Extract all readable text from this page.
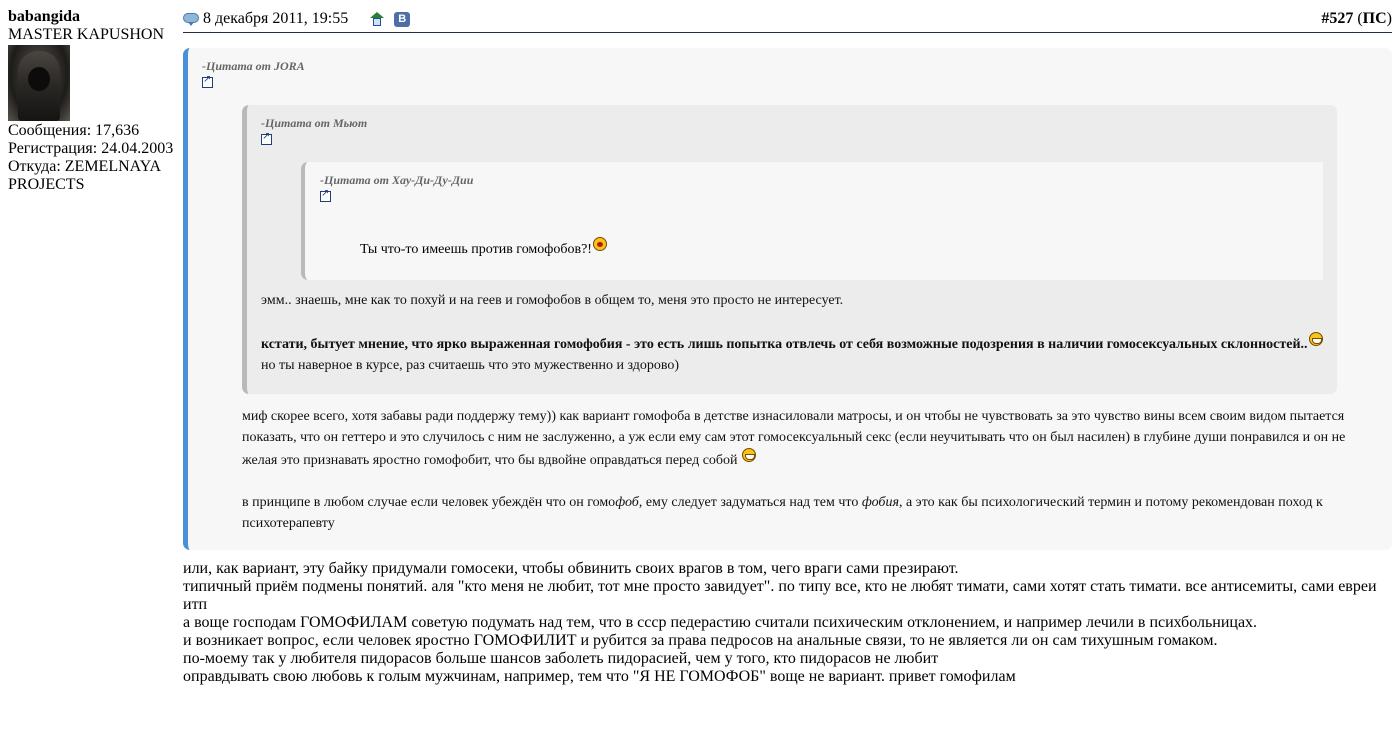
babangida
MASTER KAPUSHON
Сообщения: 17,636
Регистрация: 24.04.2003
Откуда: ZEMELNAYA PROJECTS
8 декабря 2011, 19:55	В	#527 (ПС)
-Цитата от JORA
↗
-Цитата от Мьют
↗
-Цитата от Хау-Ди-Ду-Дии
↗
Ты что-то имеешь против гомофобов?!

эмм.. знаешь, мне как то похуй и на геев и гомофобов в общем то, меня это просто не интересует.

кстати, бытует мнение, что ярко выраженная гомофобия - это есть лишь попытка отвлечь от себя возможные подозрения в наличии гомосексуальных склонностей..

но ты наверное в курсе, раз считаешь что это мужественно и здорово)

миф скорее всего, хотя забавы ради поддержу тему)) как вариант гомофоба в детстве изнасиловали матросы, и он чтобы не чувствовать за это чувство вины всем своим видом пытается показать, что он геттеро и это случилось с ним не заслуженно, а уж если ему сам этот гомосексуальный секс (если неучитывать что он был насилен) в глубине души понравился и он не желая это признавать яростно гомофобит, что бы вдвойне оправдаться перед собой

в принципе в любом случае если человек убеждён что он гомофоб, ему следует задуматься над тем что фобия, а это как бы психологический термин и потому рекомендован поход к психотерапевту

или, как вариант, эту байку придумали гомосеки, чтобы обвинить своих врагов в том, чего враги сами презирают.
типичный приём подмены понятий. аля "кто меня не любит, тот мне просто завидует". по типу все, кто не любят тимати, сами хотят стать тимати. все антисемиты, сами евреи итп
а воще господам ГОМОФИЛАМ советую подумать над тем, что в ссср педерастию считали психическим отклонением, и например лечили в психбольницах.
и возникает вопрос, если человек яростно ГОМОФИЛИТ и рубится за права педросов на анальные связи, то не является ли он сам тихушным гомаком.
по-моему так у любителя пидорасов больше шансов заболеть пидорасией, чем у того, кто пидорасов не любит
оправдывать свою любовь к голым мужчинам, например, тем что "Я НЕ ГОМОФОБ" воще не вариант. привет гомофилам
